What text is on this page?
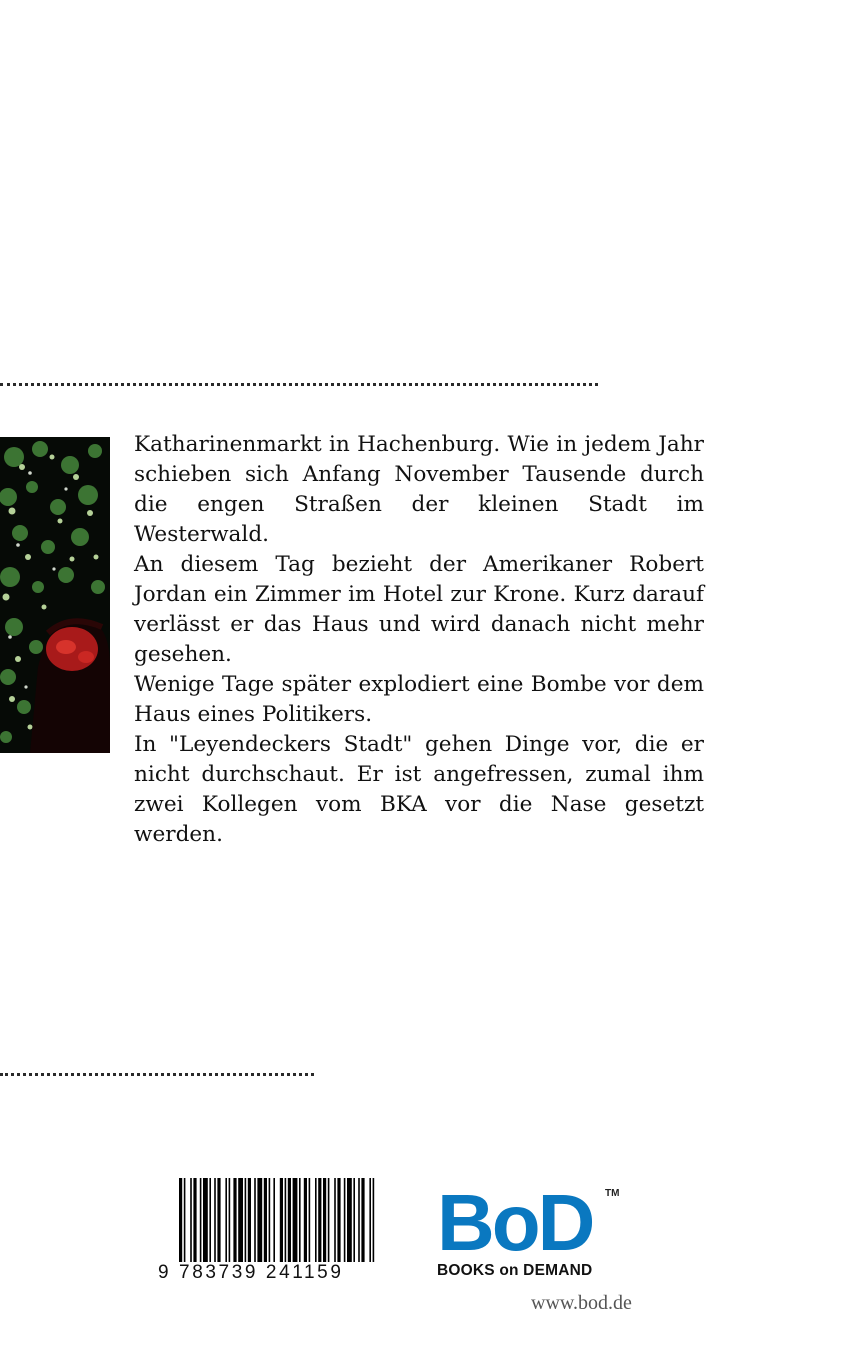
Katharinenmarkt in Hachenburg. Wie in jedem Jahr schieben sich Anfang November Tausende durch die engen Straßen der kleinen Stadt im Westerwald.

An diesem Tag bezieht der Amerikaner Robert Jordan ein Zimmer im Hotel zur Krone. Kurz darauf verlässt er das Haus und wird danach nicht mehr gesehen.

Wenige Tage später explodiert eine Bombe vor dem Haus eines Politikers.

In "Leyendeckers Stadt" gehen Dinge vor, die er nicht durchschaut. Er ist angefressen, zumal ihm zwei Kollegen vom BKA vor die Nase gesetzt werden.

9 783739 241159
BoD	TM
BOOKS on DEMAND
www.bod.de
